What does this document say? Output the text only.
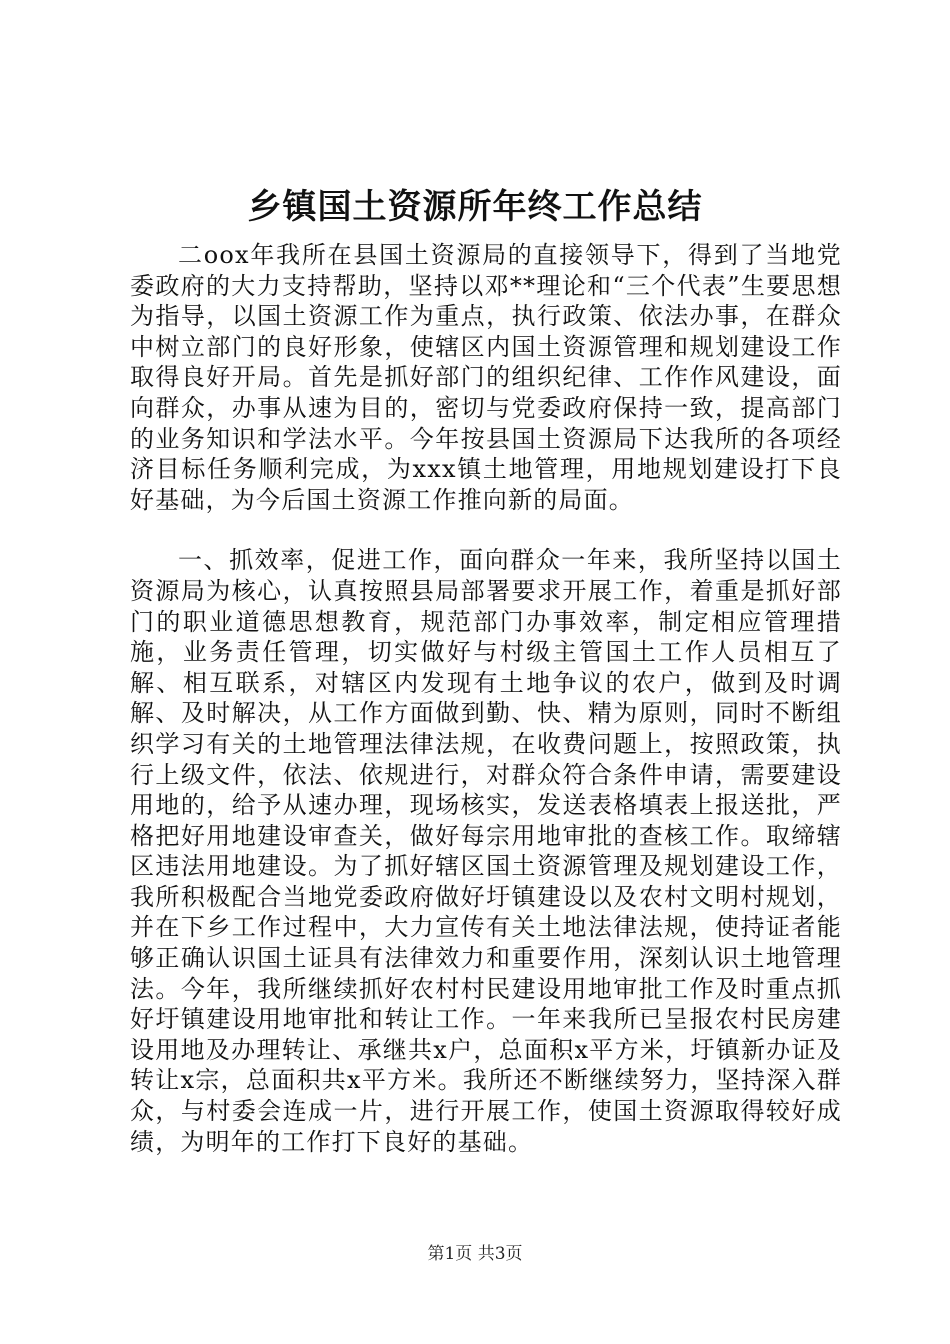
乡镇国土资源所年终工作总结

二oox年我所在县国土资源局的直接领导下，得到了当地党委政府的大力支持帮助，坚持以邓**理论和“三个代表”生要思想为指导，以国土资源工作为重点，执行政策、依法办事，在群众中树立部门的良好形象，使辖区内国土资源管理和规划建设工作取得良好开局。首先是抓好部门的组织纪律、工作作风建设，面向群众，办事从速为目的，密切与党委政府保持一致，提高部门的业务知识和学法水平。今年按县国土资源局下达我所的各项经济目标任务顺利完成，为xxx镇土地管理，用地规划建设打下良好基础，为今后国土资源工作推向新的局面。

一、抓效率，促进工作，面向群众一年来，我所坚持以国土资源局为核心，认真按照县局部署要求开展工作，着重是抓好部门的职业道德思想教育，规范部门办事效率，制定相应管理措施，业务责任管理，切实做好与村级主管国土工作人员相互了解、相互联系，对辖区内发现有土地争议的农户，做到及时调解、及时解决，从工作方面做到勤、快、精为原则，同时不断组织学习有关的土地管理法律法规，在收费问题上，按照政策，执行上级文件，依法、依规进行，对群众符合条件申请，需要建设用地的，给予从速办理，现场核实，发送表格填表上报送批，严格把好用地建设审查关，做好每宗用地审批的查核工作。取缔辖区违法用地建设。为了抓好辖区国土资源管理及规划建设工作，我所积极配合当地党委政府做好圩镇建设以及农村文明村规划，并在下乡工作过程中，大力宣传有关土地法律法规，使持证者能够正确认识国土证具有法律效力和重要作用，深刻认识土地管理法。今年，我所继续抓好农村村民建设用地审批工作及时重点抓好圩镇建设用地审批和转让工作。一年来我所已呈报农村民房建设用地及办理转让、承继共x户，总面积x平方米，圩镇新办证及转让x宗，总面积共x平方米。我所还不断继续努力，坚持深入群众，与村委会连成一片，进行开展工作，使国土资源取得较好成绩，为明年的工作打下良好的基础。

第1页 共3页
